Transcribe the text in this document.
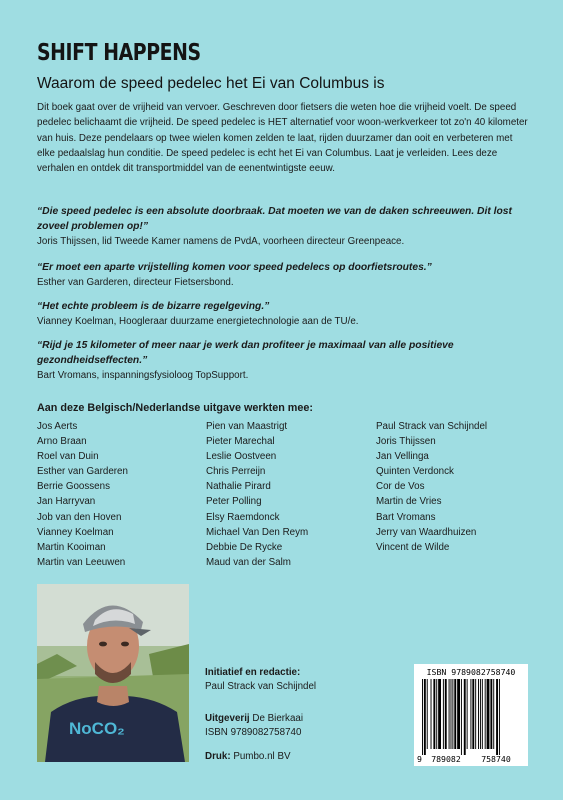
SHIFT HAPPENS
Waarom de speed pedelec het Ei van Columbus is

Dit boek gaat over de vrijheid van vervoer. Geschreven door fietsers die weten hoe die vrijheid voelt. De speed pedelec belichaamt die vrijheid. De speed pedelec is HET alternatief voor woon-werkverkeer tot zo'n 40 kilometer van huis. Deze pendelaars op twee wielen komen zelden te laat, rijden duurzamer dan ooit en verbeteren met elke pedaalslag hun conditie. De speed pedelec is echt het Ei van Columbus. Laat je verleiden. Lees deze verhalen en ontdek dit transportmiddel van de eenentwintigste eeuw.

“Die speed pedelec is een absolute doorbraak. Dat moeten we van de daken schreeuwen. Dit lost zoveel problemen op!”

Joris Thijssen, lid Tweede Kamer namens de PvdA, voorheen directeur Greenpeace.

“Er moet een aparte vrijstelling komen voor speed pedelecs op doorfietsroutes.”

Esther van Garderen, directeur Fietsersbond.

“Het echte probleem is de bizarre regelgeving.”

Vianney Koelman, Hoogleraar duurzame energietechnologie aan de TU/e.

“Rijd je 15 kilometer of meer naar je werk dan profiteer je maximaal van alle positieve gezondheidseffecten.”

Bart Vromans, inspanningsfysioloog TopSupport.

Aan deze Belgisch/Nederlandse uitgave werkten mee:
Jos Aerts
Arno Braan
Roel van Duin
Esther van Garderen
Berrie Goossens
Jan Harryvan
Job van den Hoven
Vianney Koelman
Martin Kooiman
Martin van Leeuwen
Pien van Maastrigt
Pieter Marechal
Leslie Oostveen
Chris Perreijn
Nathalie Pirard
Peter Polling
Elsy Raemdonck
Michael Van Den Reym
Debbie De Rycke
Maud van der Salm
Paul Strack van Schijndel
Joris Thijssen
Jan Vellinga
Quinten Verdonck
Cor de Vos
Martin de Vries
Bart Vromans
Jerry van Waardhuizen
Vincent de Wilde
NoCO₂
Initiatief en redactie:
Paul Strack van Schijndel
Uitgeverij De Bierkaai
ISBN 9789082758740
Druk: Pumbo.nl BV
ISBN 9789082758740
9 789082 758740
